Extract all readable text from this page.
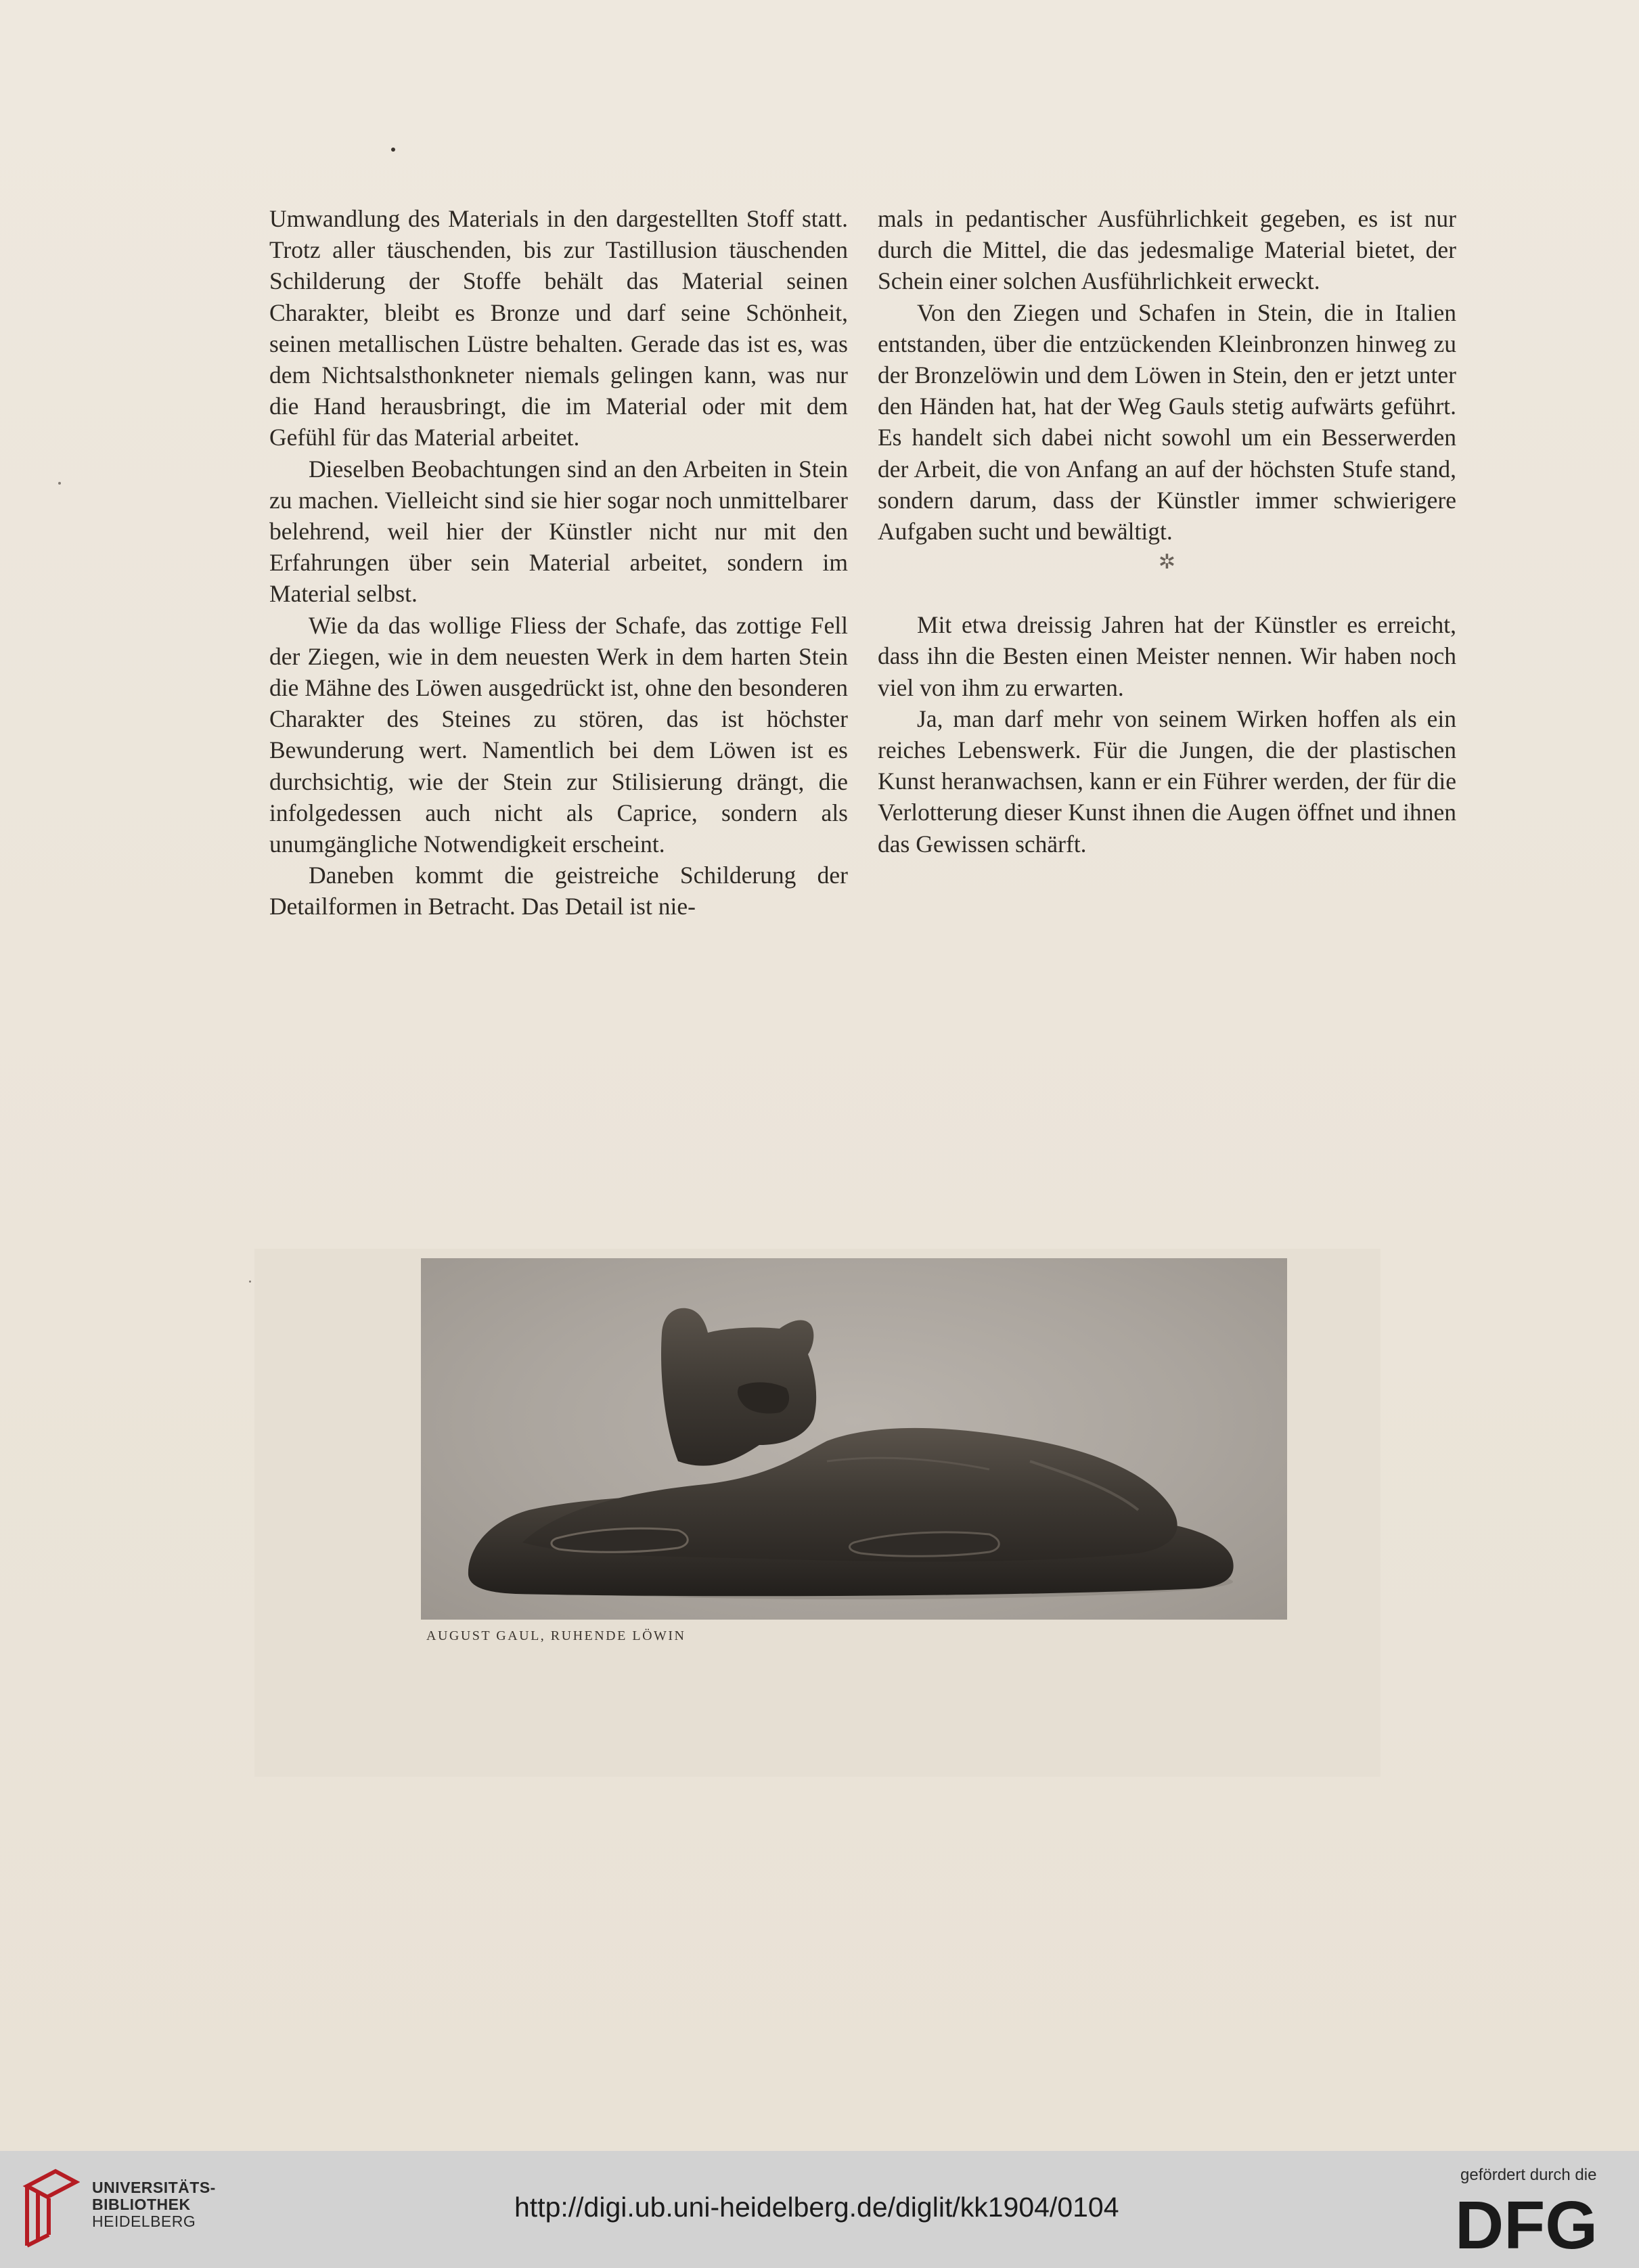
Umwandlung des Materials in den dargestellten Stoff statt. Trotz aller täuschenden, bis zur Tastillusion täuschenden Schilderung der Stoffe behält das Material seinen Charakter, bleibt es Bronze und darf seine Schönheit, seinen metallischen Lüstre behalten. Gerade das ist es, was dem Nichtsalsthonkneter niemals gelingen kann, was nur die Hand herausbringt, die im Material oder mit dem Gefühl für das Material arbeitet.

Dieselben Beobachtungen sind an den Arbeiten in Stein zu machen. Vielleicht sind sie hier sogar noch unmittelbarer belehrend, weil hier der Künstler nicht nur mit den Erfahrungen über sein Material arbeitet, sondern im Material selbst.

Wie da das wollige Fliess der Schafe, das zottige Fell der Ziegen, wie in dem neuesten Werk in dem harten Stein die Mähne des Löwen ausgedrückt ist, ohne den besonderen Charakter des Steines zu stören, das ist höchster Bewunderung wert. Namentlich bei dem Löwen ist es durchsichtig, wie der Stein zur Stilisierung drängt, die infolgedessen auch nicht als Caprice, sondern als unumgängliche Notwendigkeit erscheint.

Daneben kommt die geistreiche Schilderung der Detailformen in Betracht. Das Detail ist nie-

mals in pedantischer Ausführlichkeit gegeben, es ist nur durch die Mittel, die das jedesmalige Material bietet, der Schein einer solchen Ausführlichkeit erweckt.

Von den Ziegen und Schafen in Stein, die in Italien entstanden, über die entzückenden Kleinbronzen hinweg zu der Bronzelöwin und dem Löwen in Stein, den er jetzt unter den Händen hat, hat der Weg Gauls stetig aufwärts geführt. Es handelt sich dabei nicht sowohl um ein Besserwerden der Arbeit, die von Anfang an auf der höchsten Stufe stand, sondern darum, dass der Künstler immer schwierigere Aufgaben sucht und bewältigt.

✲

Mit etwa dreissig Jahren hat der Künstler es erreicht, dass ihn die Besten einen Meister nennen. Wir haben noch viel von ihm zu erwarten.

Ja, man darf mehr von seinem Wirken hoffen als ein reiches Lebenswerk. Für die Jungen, die der plastischen Kunst heranwachsen, kann er ein Führer werden, der für die Verlotterung dieser Kunst ihnen die Augen öffnet und ihnen das Gewissen schärft.

AUGUST GAUL, RUHENDE LÖWIN
UNIVERSITÄTS-
BIBLIOTHEK
HEIDELBERG	http://digi.ub.uni-heidelberg.de/diglit/kk1904/0104
gefördert durch die
DFG
